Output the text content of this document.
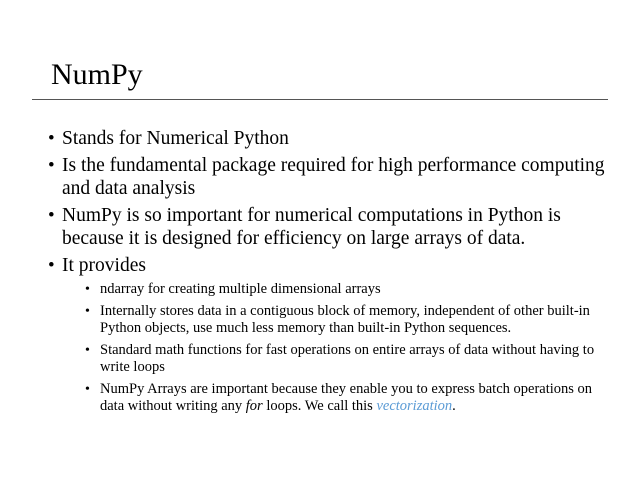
NumPy
• Stands for Numerical Python
• Is the fundamental package required for high performance computing and data analysis
• NumPy is so important for numerical computations in Python is because it is designed for efficiency on large arrays of data.
• It provides
• ndarray for creating multiple dimensional arrays
• Internally stores data in a contiguous block of memory, independent of other built-in Python objects, use much less memory than built-in Python sequences.
• Standard math functions for fast operations on entire arrays of data without having to write loops
• NumPy Arrays are important because they enable you to express batch operations on data without writing any for loops. We call this vectorization.
